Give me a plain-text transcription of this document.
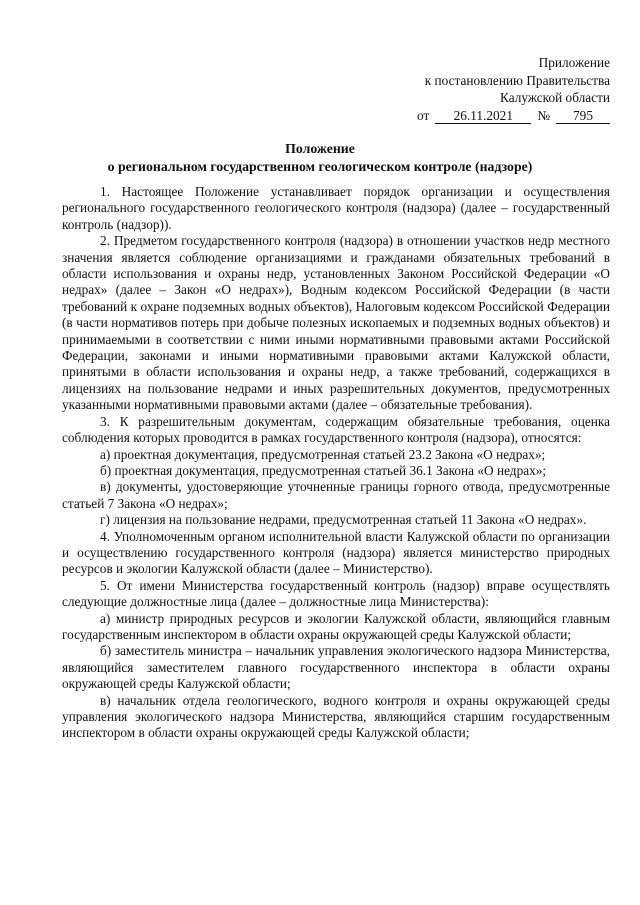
Приложение
к постановлению Правительства
Калужской области
от	26.11.2021	№	795
Положение
о региональном государственном геологическом контроле (надзоре)

1. Настоящее Положение устанавливает порядок организации и осуществления регионального государственного геологического контроля (надзора) (далее – государственный контроль (надзор)).

2. Предметом государственного контроля (надзора) в отношении участков недр местного значения является соблюдение организациями и гражданами обязательных требований в области использования и охраны недр, установленных Законом Российской Федерации «О недрах» (далее – Закон «О недрах»), Водным кодексом Российской Федерации (в части требований к охране подземных водных объектов), Налоговым кодексом Российской Федерации (в части нормативов потерь при добыче полезных ископаемых и подземных водных объектов) и принимаемыми в соответствии с ними иными нормативными правовыми актами Российской Федерации, законами и иными нормативными правовыми актами Калужской области, принятыми в области использования и охраны недр, а также требований, содержащихся в лицензиях на пользование недрами и иных разрешительных документов, предусмотренных указанными нормативными правовыми актами (далее – обязательные требования).

3. К разрешительным документам, содержащим обязательные требования, оценка соблюдения которых проводится в рамках государственного контроля (надзора), относятся:

а) проектная документация, предусмотренная статьей 23.2 Закона «О недрах»;

б) проектная документация, предусмотренная статьей 36.1 Закона «О недрах»;

в) документы, удостоверяющие уточненные границы горного отвода, предусмотренные статьей 7 Закона «О недрах»;

г) лицензия на пользование недрами, предусмотренная статьей 11 Закона «О недрах».

4. Уполномоченным органом исполнительной власти Калужской области по организации и осуществлению государственного контроля (надзора) является министерство природных ресурсов и экологии Калужской области (далее – Министерство).

5. От имени Министерства государственный контроль (надзор) вправе осуществлять следующие должностные лица (далее – должностные лица Министерства):

а) министр природных ресурсов и экологии Калужской области, являющийся главным государственным инспектором в области охраны окружающей среды Калужской области;

б) заместитель министра – начальник управления экологического надзора Министерства, являющийся заместителем главного государственного инспектора в области охраны окружающей среды Калужской области;

в) начальник отдела геологического, водного контроля и охраны окружающей среды управления экологического надзора Министерства, являющийся старшим государственным инспектором в области охраны окружающей среды Калужской области;
